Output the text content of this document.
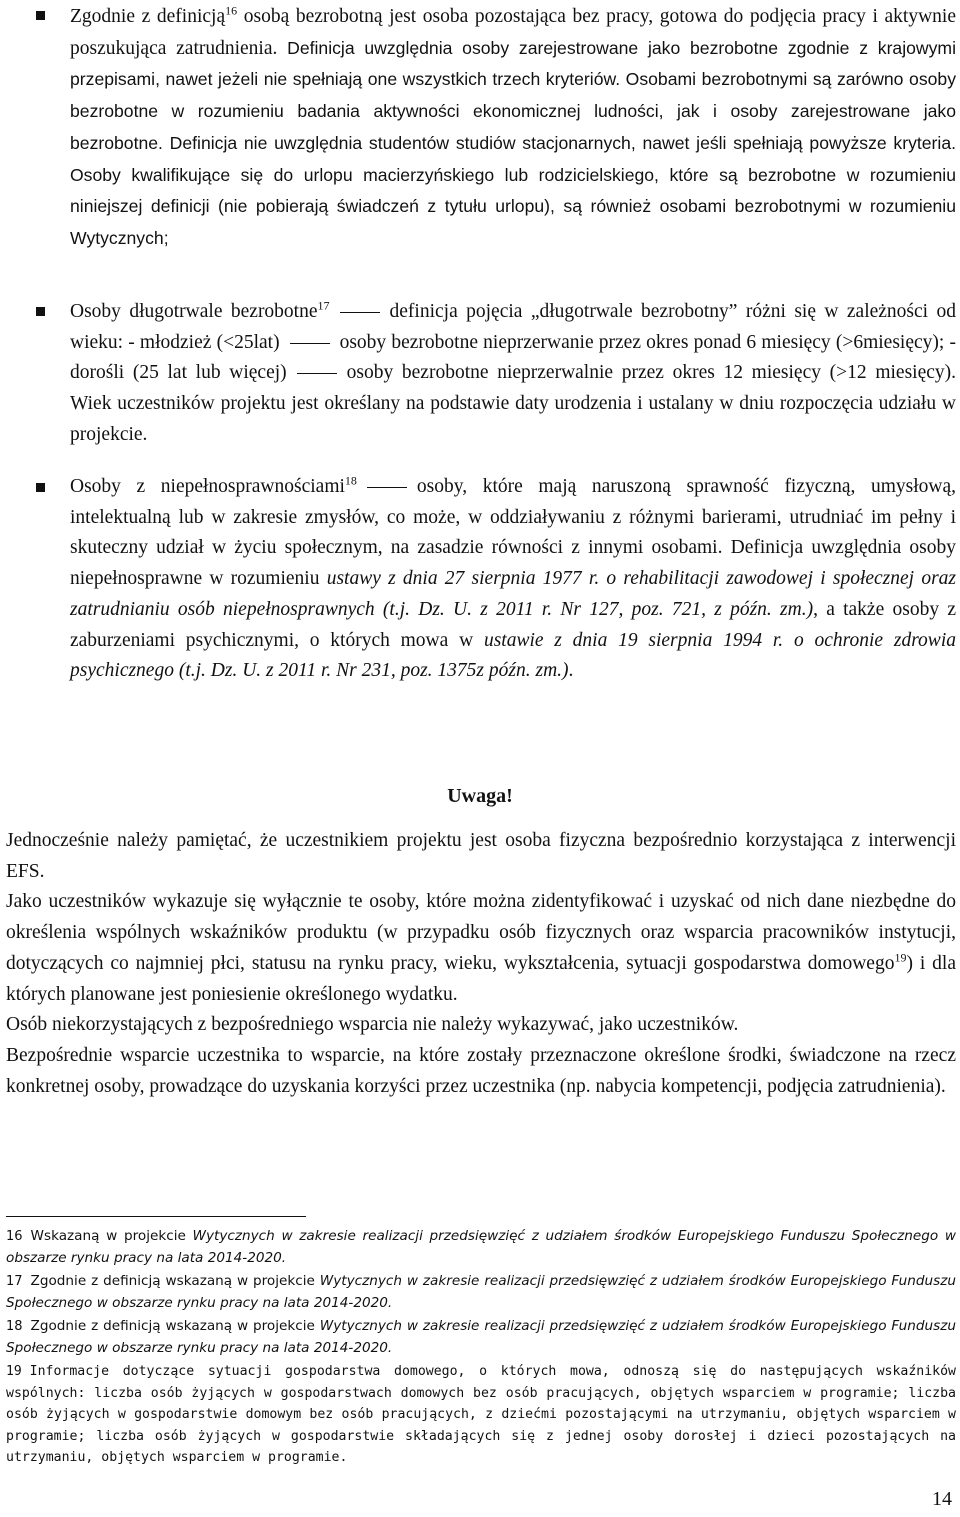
Zgodnie z definicją$^{16}$ osobą bezrobotną jest osoba pozostająca bez pracy, gotowa do podjęcia pracy i aktywnie poszukująca zatrudnienia. Definicja uwzględnia osoby zarejestrowane jako bezrobotne zgodnie z krajowymi przepisami, nawet jeżeli nie spełniają one wszystkich trzech kryteriów. Osobami bezrobotnymi są zarówno osoby bezrobotne w rozumieniu badania aktywności ekonomicznej ludności, jak i osoby zarejestrowane jako bezrobotne. Definicja nie uwzględnia studentów studiów stacjonarnych, nawet jeśli spełniają powyższe kryteria. Osoby kwalifikujące się do urlopu macierzyńskiego lub rodzicielskiego, które są bezrobotne w rozumieniu niniejszej definicji (nie pobierają świadczeń z tytułu urlopu), są również osobami bezrobotnymi w rozumieniu Wytycznych;

Osoby długotrwale bezrobotne$^{17}$	definicja pojęcia „długotrwale bezrobotny” różni się w zależności od wieku: - młodzież (<25lat)	osoby bezrobotne nieprzerwanie przez okres ponad 6 miesięcy (>6miesięcy); - dorośli (25 lat lub więcej)	osoby bezrobotne nieprzerwalnie przez okres 12 miesięcy (>12 miesięcy). Wiek uczestników projektu jest określany na podstawie daty urodzenia i ustalany w dniu rozpoczęcia udziału w projekcie.

Osoby z niepełnosprawnościami$^{18}$	osoby, które mają naruszoną sprawność fizyczną, umysłową, intelektualną lub w zakresie zmysłów, co może, w oddziaływaniu z różnymi barierami, utrudniać im pełny i skuteczny udział w życiu społecznym, na zasadzie równości z innymi osobami. Definicja uwzględnia osoby niepełnosprawne w rozumieniu ustawy z dnia 27 sierpnia 1977 r. o rehabilitacji zawodowej i społecznej oraz zatrudnianiu osób niepełnosprawnych (t.j. Dz. U. z 2011 r. Nr 127, poz. 721, z późn. zm.), a także osoby z zaburzeniami psychicznymi, o których mowa w ustawie z dnia 19 sierpnia 1994 r. o ochronie zdrowia psychicznego (t.j. Dz. U. z 2011 r. Nr 231, poz. 1375z późn. zm.).

Uwaga!

Jednocześnie należy pamiętać, że uczestnikiem projektu jest osoba fizyczna bezpośrednio korzystająca z interwencji EFS.

Jako uczestników wykazuje się wyłącznie te osoby, które można zidentyfikować i uzyskać od nich dane niezbędne do określenia wspólnych wskaźników produktu (w przypadku osób fizycznych oraz wsparcia pracowników instytucji, dotyczących co najmniej płci, statusu na rynku pracy, wieku, wykształcenia, sytuacji gospodarstwa domowego$^{19}$) i dla których planowane jest poniesienie określonego wydatku.

Osób niekorzystających z bezpośredniego wsparcia nie należy wykazywać, jako uczestników.

Bezpośrednie wsparcie uczestnika to wsparcie, na które zostały przeznaczone określone środki, świadczone na rzecz konkretnej osoby, prowadzące do uzyskania korzyści przez uczestnika (np. nabycia kompetencji, podjęcia zatrudnienia).

16 Wskazaną w projekcie Wytycznych w zakresie realizacji przedsięwzięć z udziałem środków Europejskiego Funduszu Społecznego w obszarze rynku pracy na lata 2014-2020.

17 Zgodnie z definicją wskazaną w projekcie Wytycznych w zakresie realizacji przedsięwzięć z udziałem środków Europejskiego Funduszu Społecznego w obszarze rynku pracy na lata 2014-2020.

18 Zgodnie z definicją wskazaną w projekcie Wytycznych w zakresie realizacji przedsięwzięć z udziałem środków Europejskiego Funduszu Społecznego w obszarze rynku pracy na lata 2014-2020.

19 Informacje dotyczące sytuacji gospodarstwa domowego, o których mowa, odnoszą się do następujących wskaźników wspólnych: liczba osób żyjących w gospodarstwach domowych bez osób pracujących, objętych wsparciem w programie; liczba osób żyjących w gospodarstwie domowym bez osób pracujących, z dziećmi pozostającymi na utrzymaniu, objętych wsparciem w programie; liczba osób żyjących w gospodarstwie składających się z jednej osoby dorosłej i dzieci pozostających na utrzymaniu, objętych wsparciem w programie.

14
